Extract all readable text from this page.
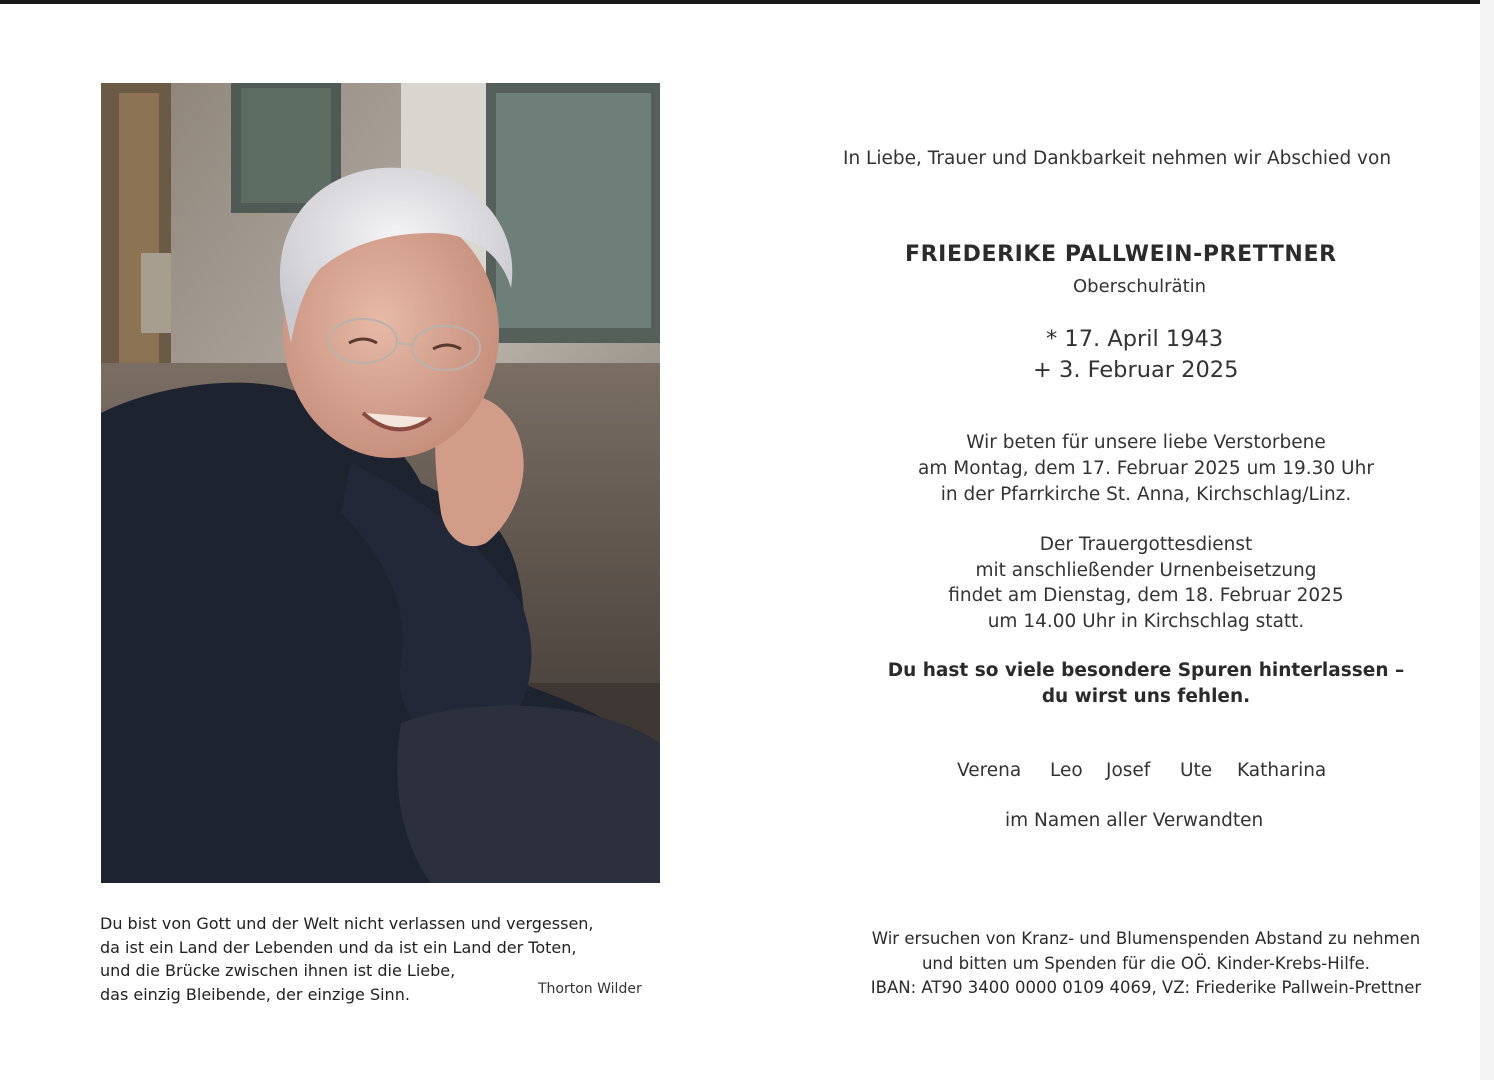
Du bist von Gott und der Welt nicht verlassen und vergessen,
da ist ein Land der Lebenden und da ist ein Land der Toten,
und die Brücke zwischen ihnen ist die Liebe,
das einzig Bleibende, der einzige Sinn.	Thorton Wilder
In Liebe, Trauer und Dankbarkeit nehmen wir Abschied von
FRIEDERIKE PALLWEIN-PRETTNER
Oberschulrätin
* 17. April 1943
+ 3. Februar 2025
Wir beten für unsere liebe Verstorbene
am Montag, dem 17. Februar 2025 um 19.30 Uhr
in der Pfarrkirche St. Anna, Kirchschlag/Linz.
Der Trauergottesdienst
mit anschließender Urnenbeisetzung
findet am Dienstag, dem 18. Februar 2025
um 14.00 Uhr in Kirchschlag statt.
Du hast so viele besondere Spuren hinterlassen –
du wirst uns fehlen.
Verena Leo Josef Ute Katharina
im Namen aller Verwandten
Wir ersuchen von Kranz- und Blumenspenden Abstand zu nehmen
und bitten um Spenden für die OÖ. Kinder-Krebs-Hilfe.
IBAN: AT90 3400 0000 0109 4069, VZ: Friederike Pallwein-Prettner
